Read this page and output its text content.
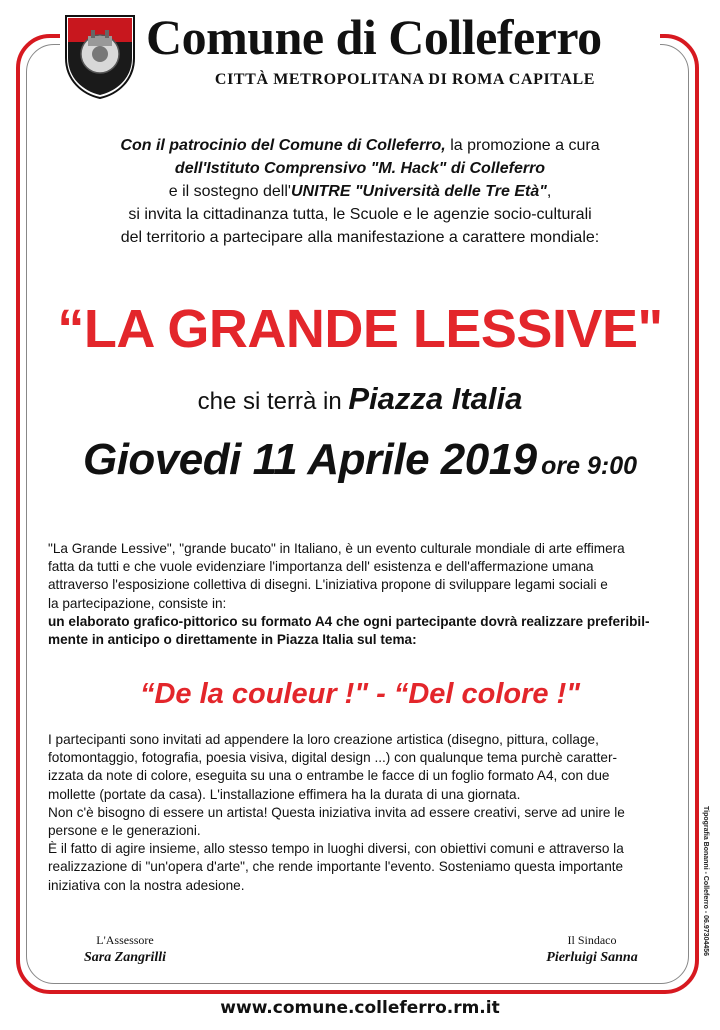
Comune di Colleferro
CITTÀ METROPOLITANA DI ROMA CAPITALE
Con il patrocinio del Comune di Colleferro, la promozione a cura
dell'Istituto Comprensivo "M. Hack" di Colleferro
e il sostegno dell'UNITRE "Università delle Tre Età",
si invita la cittadinanza tutta, le Scuole e le agenzie socio-culturali
del territorio a partecipare alla manifestazione a carattere mondiale:
“LA GRANDE LESSIVE"
che si terrà in Piazza Italia
Giovedi 11 Aprile 2019 ore 9:00
"La Grande Lessive", "grande bucato" in Italiano, è un evento culturale mondiale di arte effimera
fatta da tutti e che vuole evidenziare l'importanza dell' esistenza e dell'affermazione umana
attraverso l'esposizione collettiva di disegni. L'iniziativa propone di sviluppare legami sociali e
la partecipazione, consiste in:
un elaborato grafico-pittorico su formato A4 che ogni partecipante dovrà realizzare preferibil-
mente in anticipo o direttamente in Piazza Italia sul tema:
“De la couleur !" - “Del colore !"
I partecipanti sono invitati ad appendere la loro creazione artistica (disegno, pittura, collage,
fotomontaggio, fotografia, poesia visiva, digital design ...) con qualunque tema purchè caratter-
izzata da note di colore, eseguita su una o entrambe le facce di un foglio formato A4, con due
mollette (portate da casa). L'installazione effimera ha la durata di una giornata.
Non c'è bisogno di essere un artista! Questa iniziativa invita ad essere creativi, serve ad unire le
persone e le generazioni.
È il fatto di agire insieme, allo stesso tempo in luoghi diversi, con obiettivi comuni e attraverso la
realizzazione di "un'opera d'arte", che rende importante l'evento. Sosteniamo questa importante
iniziativa con la nostra adesione.	Tipografia Bonanni - Colleferro - 06.97304456
L'Assessore
Sara Zangrilli
Il Sindaco
Pierluigi Sanna
www.comune.colleferro.rm.it
